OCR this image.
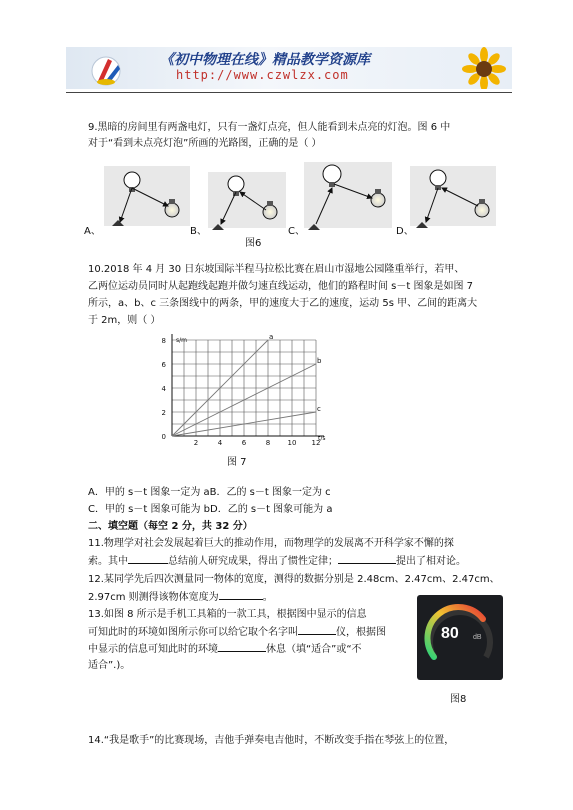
《初中物理在线》精品教学资源库
http://www.czwlzx.com
9.黑暗的房间里有两盏电灯，只有一盏灯点亮，但人能看到未点亮的灯泡。图 6 中
对于“看到未点亮灯泡”所画的光路图，正确的是（ ）
A、	B、	C、	D、
图6
10.2018 年 4 月 30 日东坡国际半程马拉松比赛在眉山市湿地公园隆重举行，若甲、
乙两位运动员同时从起跑线起跑并做匀速直线运动，他们的路程时间 s－t 图象是如图 7
所示，a、b、c 三条图线中的两条，甲的速度大于乙的速度，运动 5s 甲、乙间的距离大
于 2m，则（ ）
s/m
t/s
2	4	6	8 10 12
0
2
4
6
8	a
b
c
图 7
A．甲的 s－t 图象一定为 aB．乙的 s－t 图象一定为 c
C．甲的 s－t 图象可能为 bD．乙的 s－t 图象可能为 a
二、填空题（每空 2 分，共 32 分）
11.物理学对社会发展起着巨大的推动作用，而物理学的发展离不开科学家不懈的探
索。其中	总结前人研究成果，得出了惯性定律；	提出了相对论。
12.某同学先后四次测量同一物体的宽度，测得的数据分别是 2.48cm、2.47cm、2.47cm、
2.97cm 则测得该物体宽度为	。
13.如图 8 所示是手机工具箱的一款工具，根据图中显示的信息
可知此时的环境如图所示你可以给它取个名字叫	仪，根据图
中显示的信息可知此时的环境	休息（填“适合”或“不
适合”.)。
80 dB
图8
14.“我是歌手”的比赛现场，吉他手弹奏电吉他时，不断改变手指在琴弦上的位置，
